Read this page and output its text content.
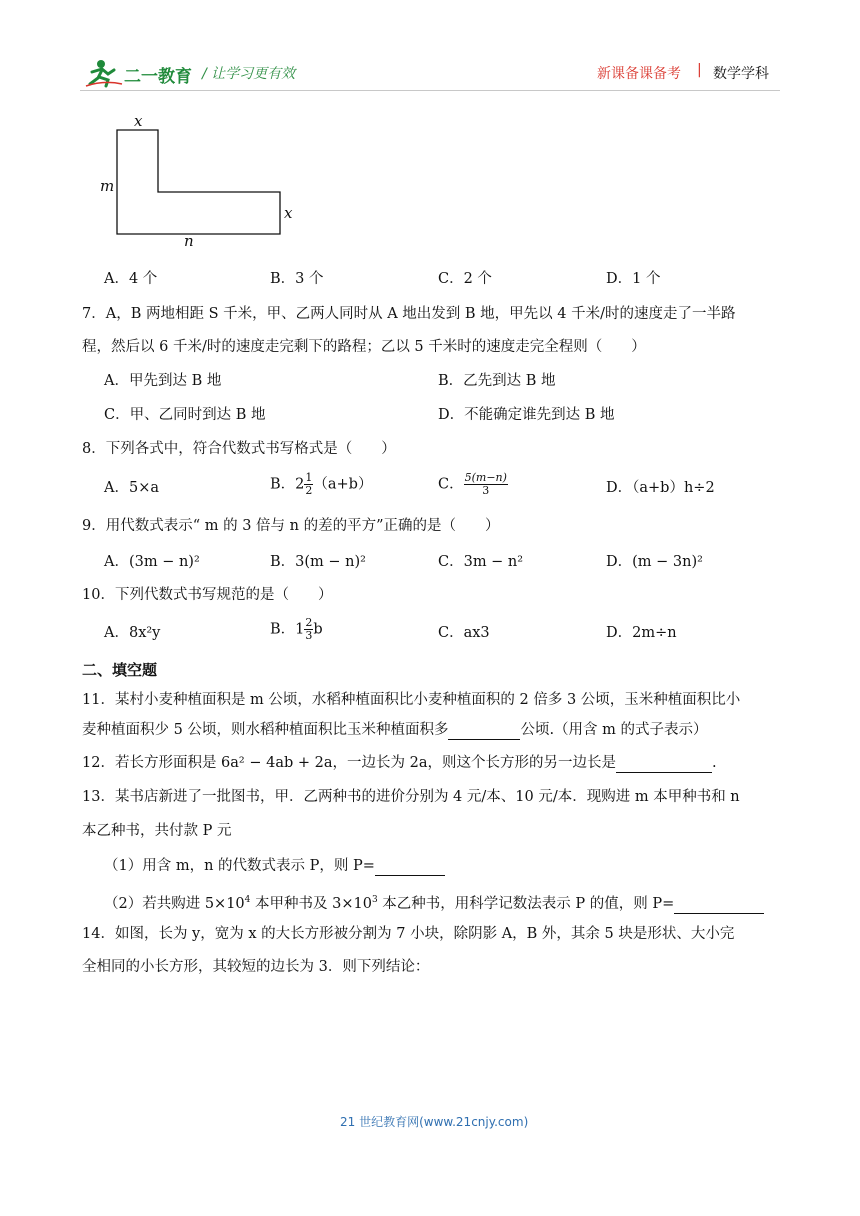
二一教育 / 让学习更有效	新课备课备考 | 数学学科
x
m
x
n
A．4 个	B．3 个	C．2 个	D．1 个
7．A，B 两地相距 S 千米，甲、乙两人同时从 A 地出发到 B 地，甲先以 4 千米/时的速度走了一半路
程，然后以 6 千米/时的速度走完剩下的路程；乙以 5 千米时的速度走完全程则（　　）
A．甲先到达 B 地	B．乙先到达 B 地
C．甲、乙同时到达 B 地	D．不能确定谁先到达 B 地
8．下列各式中，符合代数式书写格式是（　　）
A．5×a	B．$2 \frac{1}{2} (a+b)$	C． $\frac{5(m-n)}{3}$	D．（a+b）h÷2
9．用代数式表示“ m 的 3 倍与 n 的差的平方”正确的是（　　）
A．(3m − n)²	B．3(m − n)²	C．3m − n²	D．(m − 3n)²
10．下列代数式书写规范的是（　　）
A．8x²y	B．$1 \frac{2}{3}$ b	C．ax3	D．2m÷n
二、填空题
11．某村小麦种植面积是 m 公顷，水稻种植面积比小麦种植面积的 2 倍多 3 公顷，玉米种植面积比小
麦种植面积少 5 公顷，则水稻种植面积比玉米种植面积多	公顷.（用含 m 的式子表示）
12．若长方形面积是 6a² − 4ab + 2a，一边长为 2a，则这个长方形的另一边长是	.
13．某书店新进了一批图书，甲．乙两种书的进价分别为 4 元/本、10 元/本．现购进 m 本甲种书和 n
本乙种书，共付款 P 元
（1）用含 m，n 的代数式表示 P，则 P=
（2）若共购进 $5\times 10^4$ 本甲种书及 $3\times 10^3$ 本乙种书，用科学记数法表示 P 的值，则 P=
14．如图，长为 y，宽为 x 的大长方形被分割为 7 小块，除阴影 A，B 外，其余 5 块是形状、大小完
全相同的小长方形，其较短的边长为 3．则下列结论：
21 世纪教育网(www.21cnjy.com)
